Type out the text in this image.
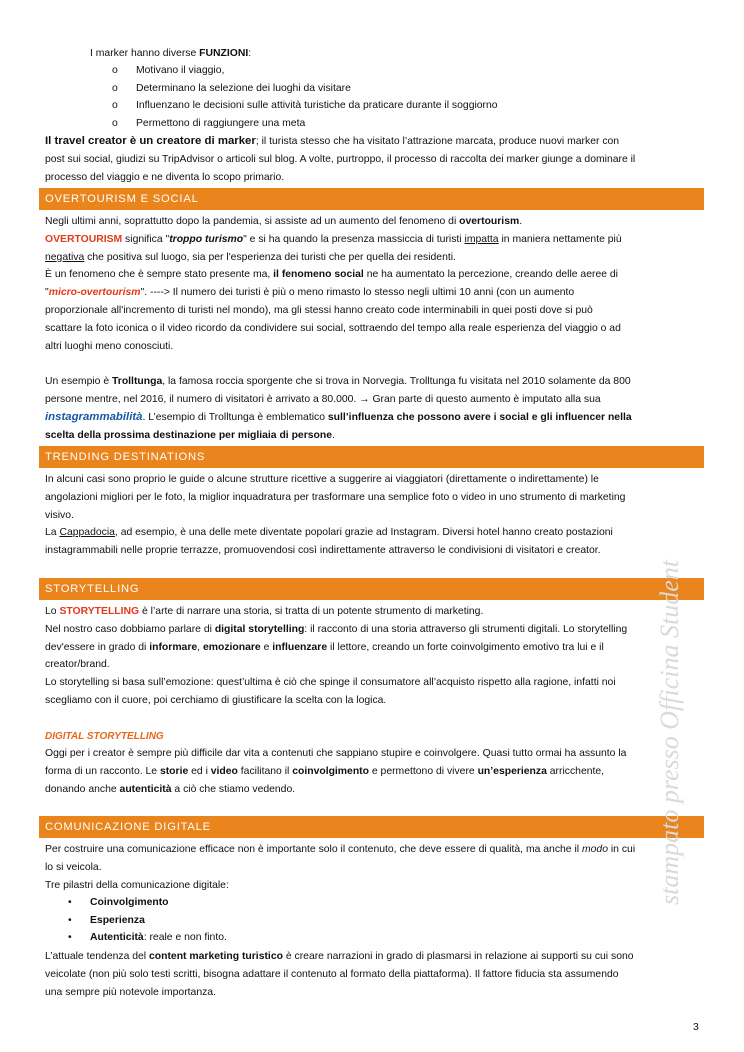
I marker hanno diverse FUNZIONI:
o Motivano il viaggio,
o Determinano la selezione dei luoghi da visitare
o Influenzano le decisioni sulle attività turistiche da praticare durante il soggiorno
o Permettono di raggiungere una meta
Il travel creator è un creatore di marker; il turista stesso che ha visitato l’attrazione marcata, produce nuovi marker con
post sui social, giudizi su TripAdvisor o articoli sul blog. A volte, purtroppo, il processo di raccolta dei marker giunge a dominare il
processo del viaggio e ne diventa lo scopo primario.
OVERTOURISM E SOCIAL
Negli ultimi anni, soprattutto dopo la pandemia, si assiste ad un aumento del fenomeno di overtourism.
OVERTOURISM significa "troppo turismo" e si ha quando la presenza massiccia di turisti impatta in maniera nettamente più
negativa che positiva sul luogo, sia per l'esperienza dei turisti che per quella dei residenti.
È un fenomeno che è sempre stato presente ma, il fenomeno social ne ha aumentato la percezione, creando delle aeree di
"micro-overtourism". ----> Il numero dei turisti è più o meno rimasto lo stesso negli ultimi 10 anni (con un aumento
proporzionale all'incremento di turisti nel mondo), ma gli stessi hanno creato code interminabili in quei posti dove si può
scattare la foto iconica o il video ricordo da condividere sui social, sottraendo del tempo alla reale esperienza del viaggio o ad
altri luoghi meno conosciuti.

Un esempio è Trolltunga, la famosa roccia sporgente che si trova in Norvegia. Trolltunga fu visitata nel 2010 solamente da 800
persone mentre, nel 2016, il numero di visitatori è arrivato a 80.000. → Gran parte di questo aumento è imputato alla sua
instagrammabilità. L’esempio di Trolltunga è emblematico sull’influenza che possono avere i social e gli influencer nella
scelta della prossima destinazione per migliaia di persone.
TRENDING DESTINATIONS
In alcuni casi sono proprio le guide o alcune strutture ricettive a suggerire ai viaggiatori (direttamente o indirettamente) le
angolazioni migliori per le foto, la miglior inquadratura per trasformare una semplice foto o video in uno strumento di marketing
visivo.
La Cappadocia, ad esempio, è una delle mete diventate popolari grazie ad Instagram. Diversi hotel hanno creato postazioni
instagrammabili nelle proprie terrazze, promuovendosi così indirettamente attraverso le condivisioni di visitatori e creator.
STORYTELLING
Lo STORYTELLING è l’arte di narrare una storia, si tratta di un potente strumento di marketing.
Nel nostro caso dobbiamo parlare di digital storytelling: il racconto di una storia attraverso gli strumenti digitali. Lo storytelling
dev'essere in grado di informare, emozionare e influenzare il lettore, creando un forte coinvolgimento emotivo tra lui e il
creator/brand.
Lo storytelling si basa sull’emozione: quest’ultima è ciò che spinge il consumatore all’acquisto rispetto alla ragione, infatti noi
scegliamo con il cuore, poi cerchiamo di giustificare la scelta con la logica.

DIGITAL STORYTELLING
Oggi per i creator è sempre più difficile dar vita a contenuti che sappiano stupire e coinvolgere. Quasi tutto ormai ha assunto la
forma di un racconto. Le storie ed i video facilitano il coinvolgimento e permettono di vivere un’esperienza arricchente,
donando anche autenticità a ciò che stiamo vedendo.
COMUNICAZIONE DIGITALE
Per costruire una comunicazione efficace non è importante solo il contenuto, che deve essere di qualità, ma anche il modo in cui
lo si veicola.
Tre pilastri della comunicazione digitale:
• Coinvolgimento
• Esperienza
• Autenticità: reale e non finto.
L’attuale tendenza del content marketing turistico è creare narrazioni in grado di plasmarsi in relazione ai supporti su cui sono
veicolate (non più solo testi scritti, bisogna adattare il contenuto al formato della piattaforma). Il fattore fiducia sta assumendo
una sempre più notevole importanza.
stampato presso Officina Student
3
